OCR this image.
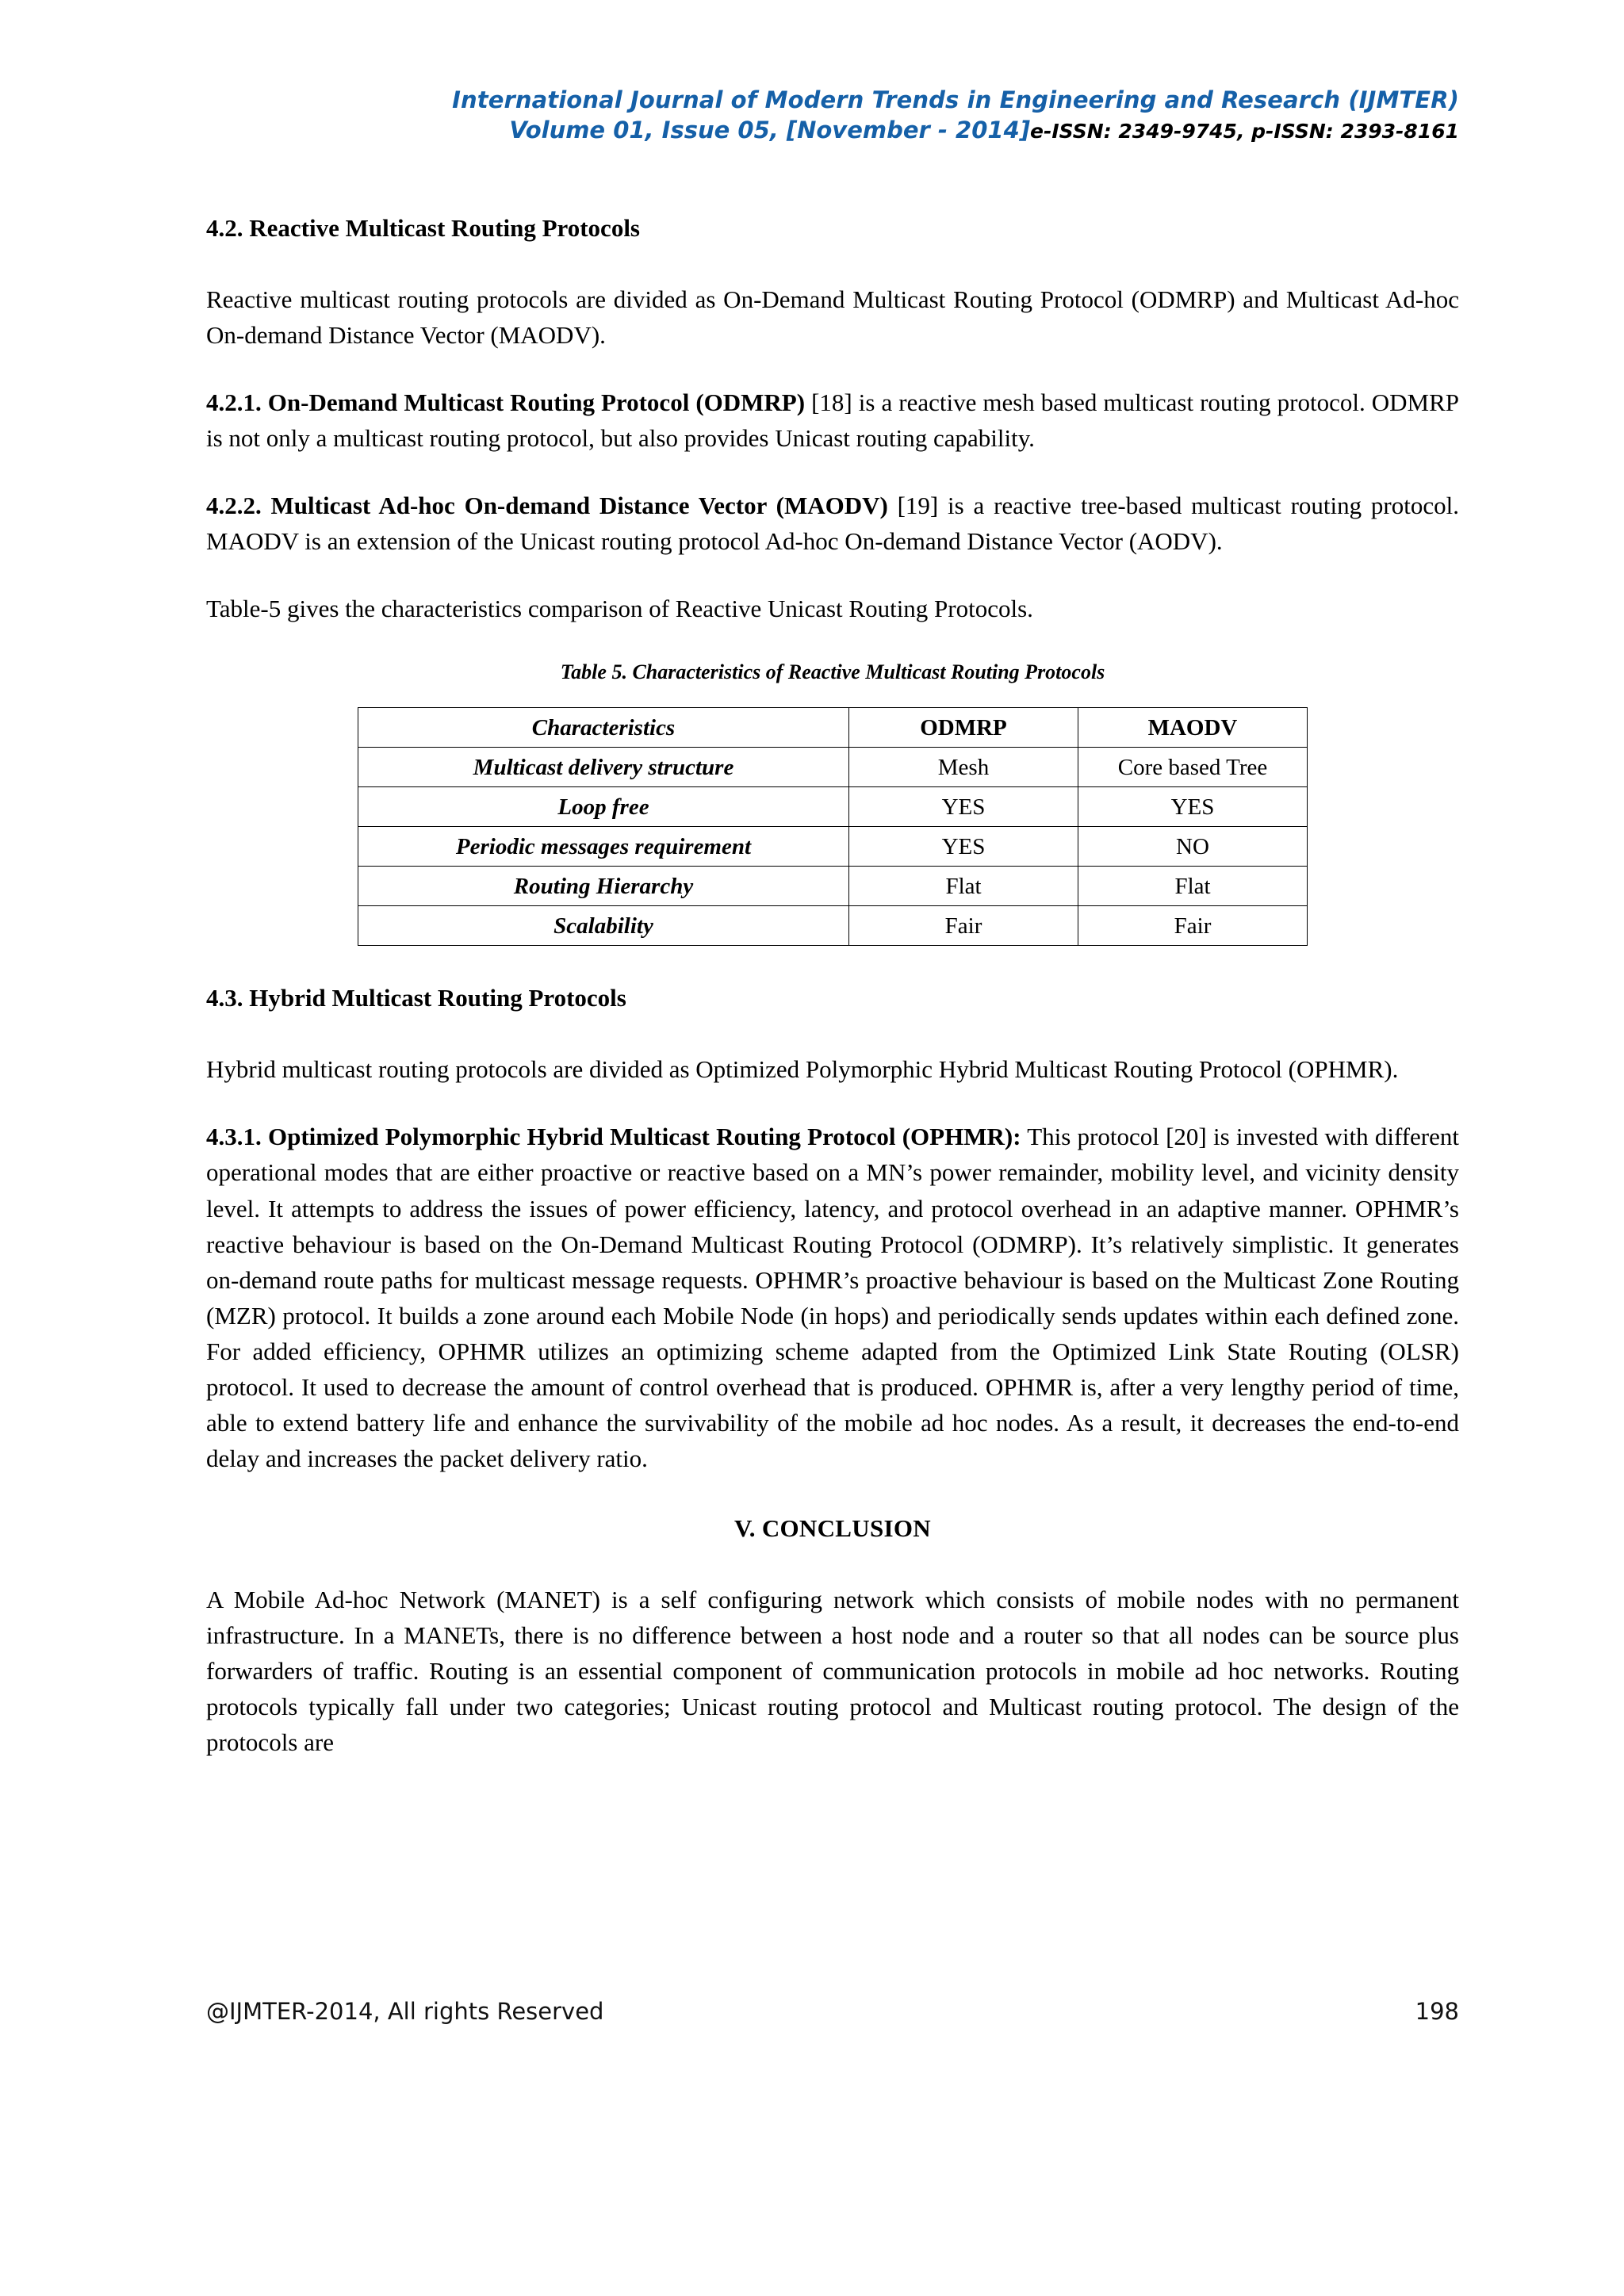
International Journal of Modern Trends in Engineering and Research (IJMTER)
Volume 01, Issue 05, [November - 2014]e-ISSN: 2349-9745, p-ISSN: 2393-8161
4.2. Reactive Multicast Routing Protocols

Reactive multicast routing protocols are divided as On-Demand Multicast Routing Protocol (ODMRP) and Multicast Ad-hoc On-demand Distance Vector (MAODV).

4.2.1. On-Demand Multicast Routing Protocol (ODMRP) [18] is a reactive mesh based multicast routing protocol. ODMRP is not only a multicast routing protocol, but also provides Unicast routing capability.

4.2.2. Multicast Ad-hoc On-demand Distance Vector (MAODV) [19] is a reactive tree-based multicast routing protocol. MAODV is an extension of the Unicast routing protocol Ad-hoc On-demand Distance Vector (AODV).

Table-5 gives the characteristics comparison of Reactive Unicast Routing Protocols.

Table 5. Characteristics of Reactive Multicast Routing Protocols

Characteristics	ODMRP	MAODV
Multicast delivery structure	Mesh	Core based Tree
Loop free	YES	YES
Periodic messages requirement	YES	NO
Routing Hierarchy	Flat	Flat
Scalability	Fair	Fair
4.3. Hybrid Multicast Routing Protocols

Hybrid multicast routing protocols are divided as Optimized Polymorphic Hybrid Multicast Routing Protocol (OPHMR).

4.3.1. Optimized Polymorphic Hybrid Multicast Routing Protocol (OPHMR): This protocol [20] is invested with different operational modes that are either proactive or reactive based on a MN’s power remainder, mobility level, and vicinity density level. It attempts to address the issues of power efficiency, latency, and protocol overhead in an adaptive manner. OPHMR’s reactive behaviour is based on the On-Demand Multicast Routing Protocol (ODMRP). It’s relatively simplistic. It generates on-demand route paths for multicast message requests. OPHMR’s proactive behaviour is based on the Multicast Zone Routing (MZR) protocol. It builds a zone around each Mobile Node (in hops) and periodically sends updates within each defined zone. For added efficiency, OPHMR utilizes an optimizing scheme adapted from the Optimized Link State Routing (OLSR) protocol. It used to decrease the amount of control overhead that is produced. OPHMR is, after a very lengthy period of time, able to extend battery life and enhance the survivability of the mobile ad hoc nodes. As a result, it decreases the end-to-end delay and increases the packet delivery ratio.

V. CONCLUSION

A Mobile Ad-hoc Network (MANET) is a self configuring network which consists of mobile nodes with no permanent infrastructure. In a MANETs, there is no difference between a host node and a router so that all nodes can be source plus forwarders of traffic. Routing is an essential component of communication protocols in mobile ad hoc networks. Routing protocols typically fall under two categories; Unicast routing protocol and Multicast routing protocol. The design of the protocols are

@IJMTER-2014, All rights Reserved	198
